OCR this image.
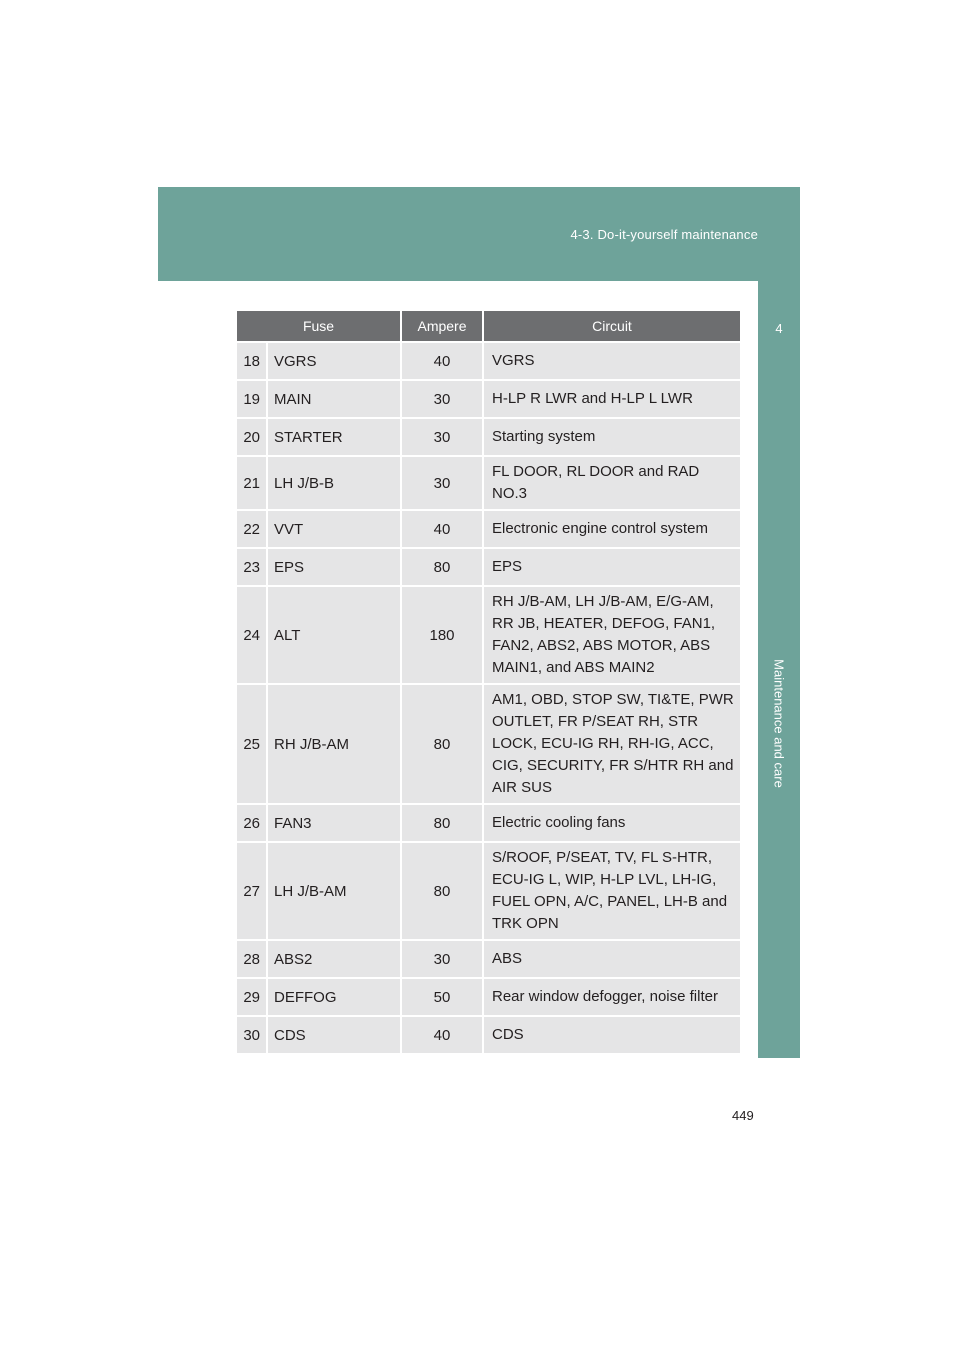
4-3. Do-it-yourself maintenance
4
Maintenance and care
Fuse		Ampere	Circuit
18	VGRS	40	VGRS
19	MAIN	30	H-LP R LWR and H-LP L LWR
20	STARTER	30	Starting system
21	LH J/B-B	30	FL DOOR, RL DOOR and RAD NO.3
22	VVT	40	Electronic engine control system
23	EPS	80	EPS
24	ALT	180	RH J/B-AM, LH J/B-AM, E/G-AM, RR JB, HEATER, DEFOG, FAN1, FAN2, ABS2, ABS MOTOR, ABS MAIN1, and ABS MAIN2
25	RH J/B-AM	80	AM1, OBD, STOP SW, TI&TE, PWR OUTLET, FR P/SEAT RH, STR LOCK, ECU-IG RH, RH-IG, ACC, CIG, SECURITY, FR S/HTR RH and AIR SUS
26	FAN3	80	Electric cooling fans
27	LH J/B-AM	80	S/ROOF, P/SEAT, TV, FL S-HTR, ECU-IG L, WIP, H-LP LVL, LH-IG, FUEL OPN, A/C, PANEL, LH-B and TRK OPN
28	ABS2	30	ABS
29	DEFFOG	50	Rear window defogger, noise filter
30	CDS	40	CDS
449
